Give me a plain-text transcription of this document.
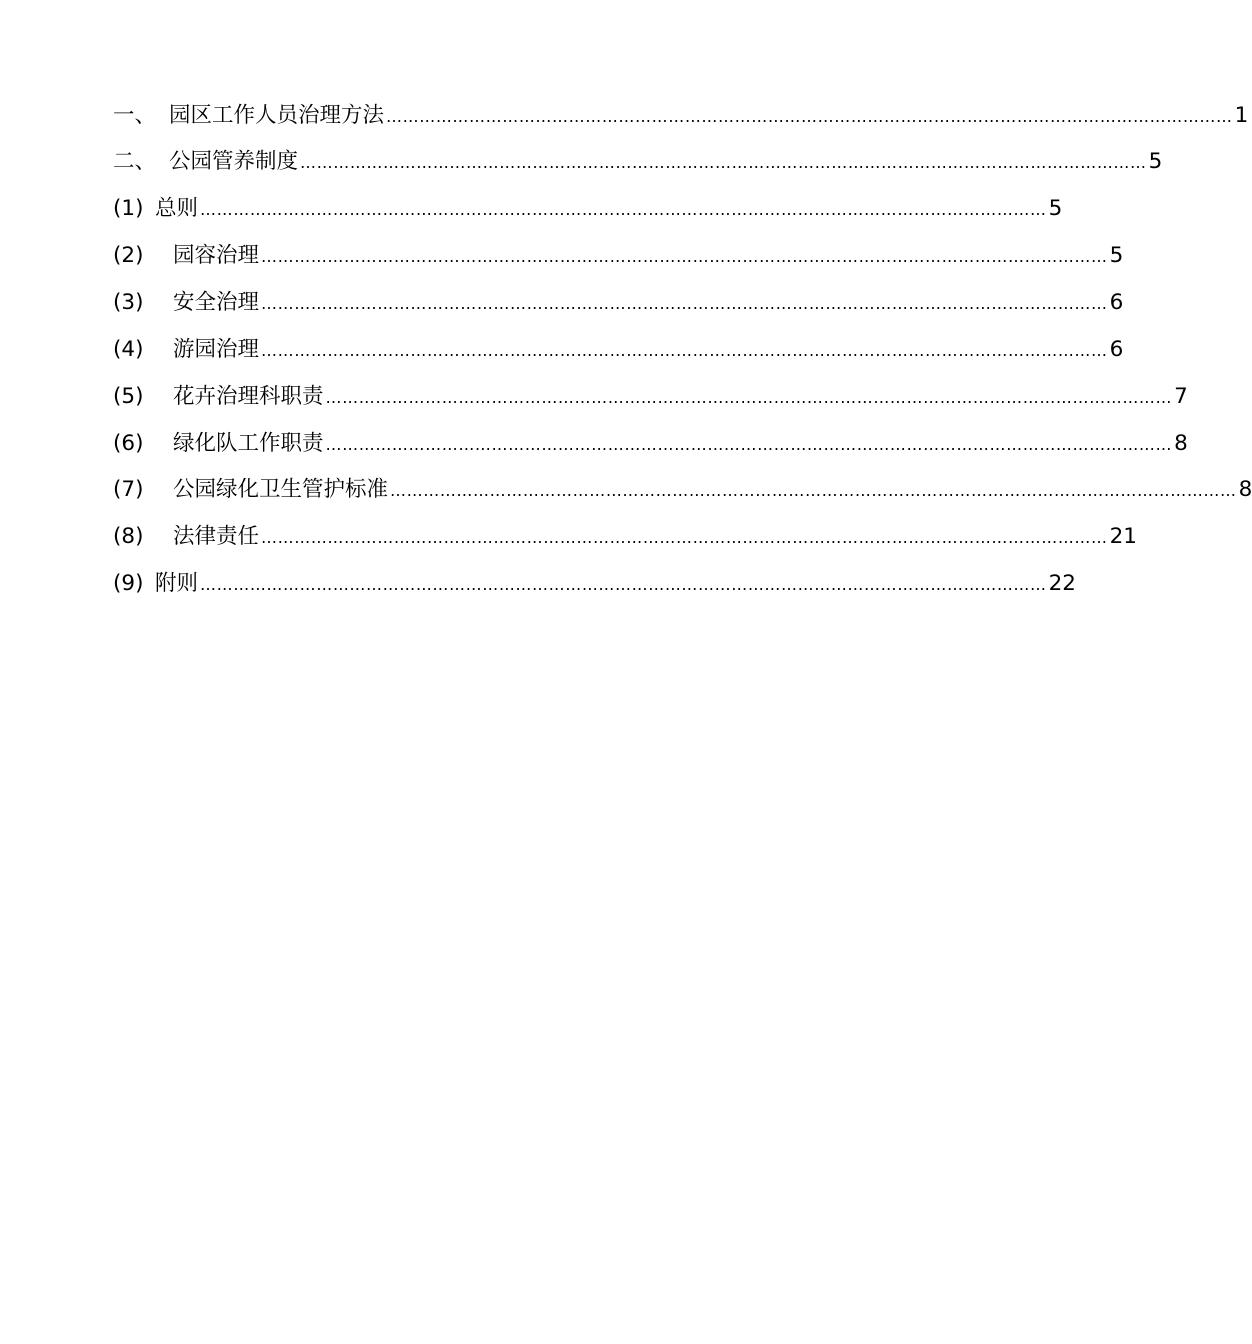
一、 园区工作人员治理方法 ……………………………………………………………………………………………………………………………………… 1
二、 公园管养制度 ……………………………………………………………………………………………………………………………………… 5
(1) 总则 ……………………………………………………………………………………………………………………………………… 5
(2)	园容治理 ……………………………………………………………………………………………………………………………………… 5
(3)	安全治理 ……………………………………………………………………………………………………………………………………… 6
(4)	游园治理 ……………………………………………………………………………………………………………………………………… 6
(5)	花卉治理科职责 ……………………………………………………………………………………………………………………………………… 7
(6)	绿化队工作职责 ……………………………………………………………………………………………………………………………………… 8
(7)	公园绿化卫生管护标准 ……………………………………………………………………………………………………………………………………… 8
(8)	法律责任 ……………………………………………………………………………………………………………………………………… 21
(9) 附则 ……………………………………………………………………………………………………………………………………… 22
